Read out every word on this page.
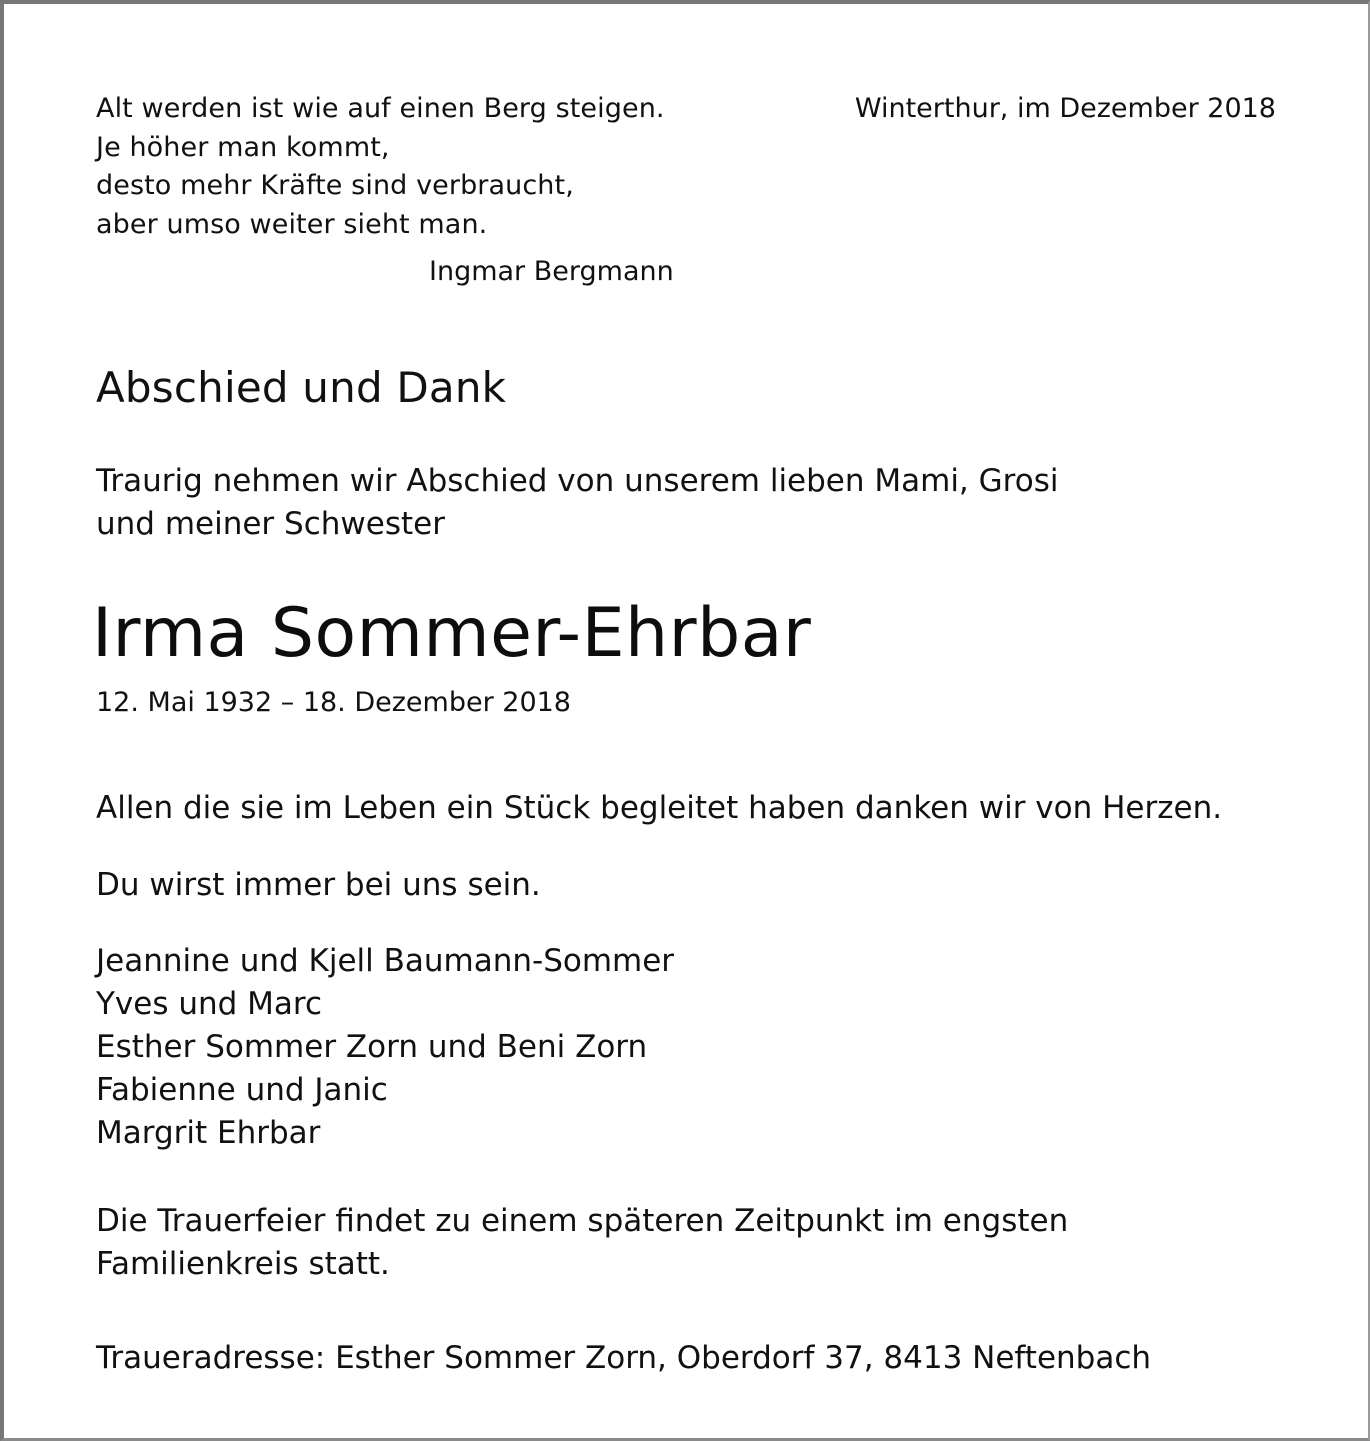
Alt werden ist wie auf einen Berg steigen.
Je höher man kommt,
desto mehr Kräfte sind verbraucht,
aber umso weiter sieht man.
Ingmar Bergmann
Winterthur, im Dezember 2018
Abschied und Dank
Traurig nehmen wir Abschied von unserem lieben Mami, Grosi
und meiner Schwester
Irma Sommer-Ehrbar
12. Mai 1932 – 18. Dezember 2018
Allen die sie im Leben ein Stück begleitet haben danken wir von Herzen.
Du wirst immer bei uns sein.
Jeannine und Kjell Baumann-Sommer
Yves und Marc
Esther Sommer Zorn und Beni Zorn
Fabienne und Janic
Margrit Ehrbar
Die Trauerfeier findet zu einem späteren Zeitpunkt im engsten
Familienkreis statt.
Traueradresse: Esther Sommer Zorn, Oberdorf 37, 8413 Neftenbach
